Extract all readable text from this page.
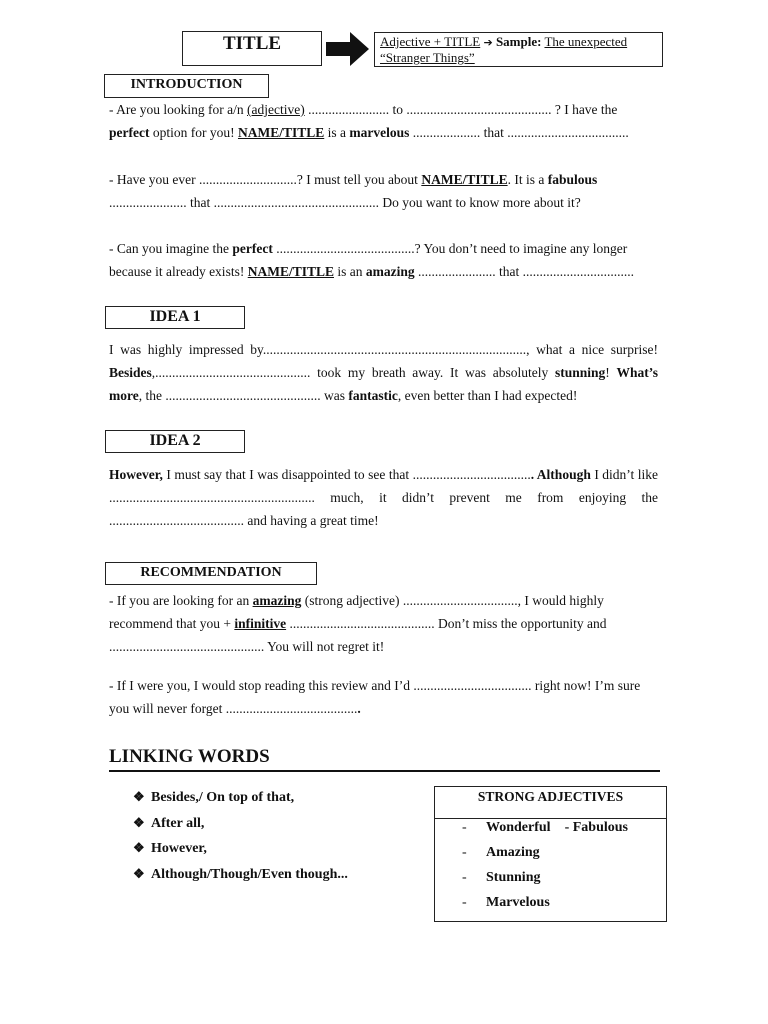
TITLE	Adjective + TITLE ➔ Sample: The unexpected
“Stranger Things”
INTRODUCTION

- Are you looking for a/n (adjective) ........................ to ........................................... ? I have the perfect option for you! NAME/TITLE is a marvelous .................... that ....................................

- Have you ever .............................? I must tell you about NAME/TITLE. It is a fabulous
....................... that ................................................. Do you want to know more about it?

- Can you imagine the perfect .........................................? You don’t need to imagine any longer because it already exists! NAME/TITLE is an amazing ....................... that .................................

IDEA 1

I was highly impressed by.............................................................................., what a nice surprise! Besides,.............................................. took my breath away. It was absolutely stunning! What’s more, the .............................................. was fantastic, even better than I had expected!

IDEA 2

However, I must say that I was disappointed to see that .................................... Although I didn’t like ............................................................. much, it didn’t prevent me from enjoying the ........................................ and having a great time!

RECOMMENDATION

- If you are looking for an amazing (strong adjective) .................................., I would highly recommend that you + infinitive ........................................... Don’t miss the opportunity and .............................................. You will not regret it!

- If I were you, I would stop reading this review and I’d ................................... right now! I’m sure you will never forget ........................................

LINKING WORDS
❖ Besides,/ On top of that,
❖ After all,
❖ However,
❖ Although/Though/Even though...
STRONG ADJECTIVES
- Wonderful - Fabulous
- Amazing
- Stunning
- Marvelous
